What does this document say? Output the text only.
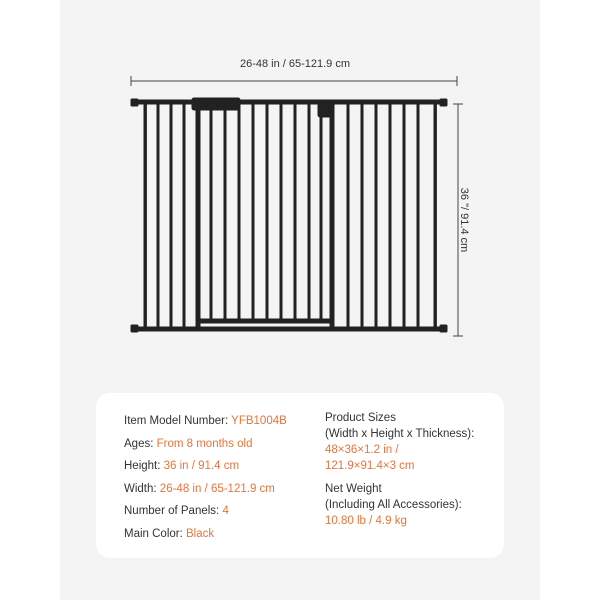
26-48 in / 65-121.9 cm
36 "/ 91.4 cm
Item Model Number: YFB1004B
Ages: From 8 months old
Height: 36 in / 91.4 cm
Width: 26-48 in / 65-121.9 cm
Number of Panels: 4
Main Color: Black
Product Sizes
(Width x Height x Thickness):
48×36×1.2 in /
121.9×91.4×3 cm
Net Weight
(Including All Accessories):
10.80 lb / 4.9 kg
